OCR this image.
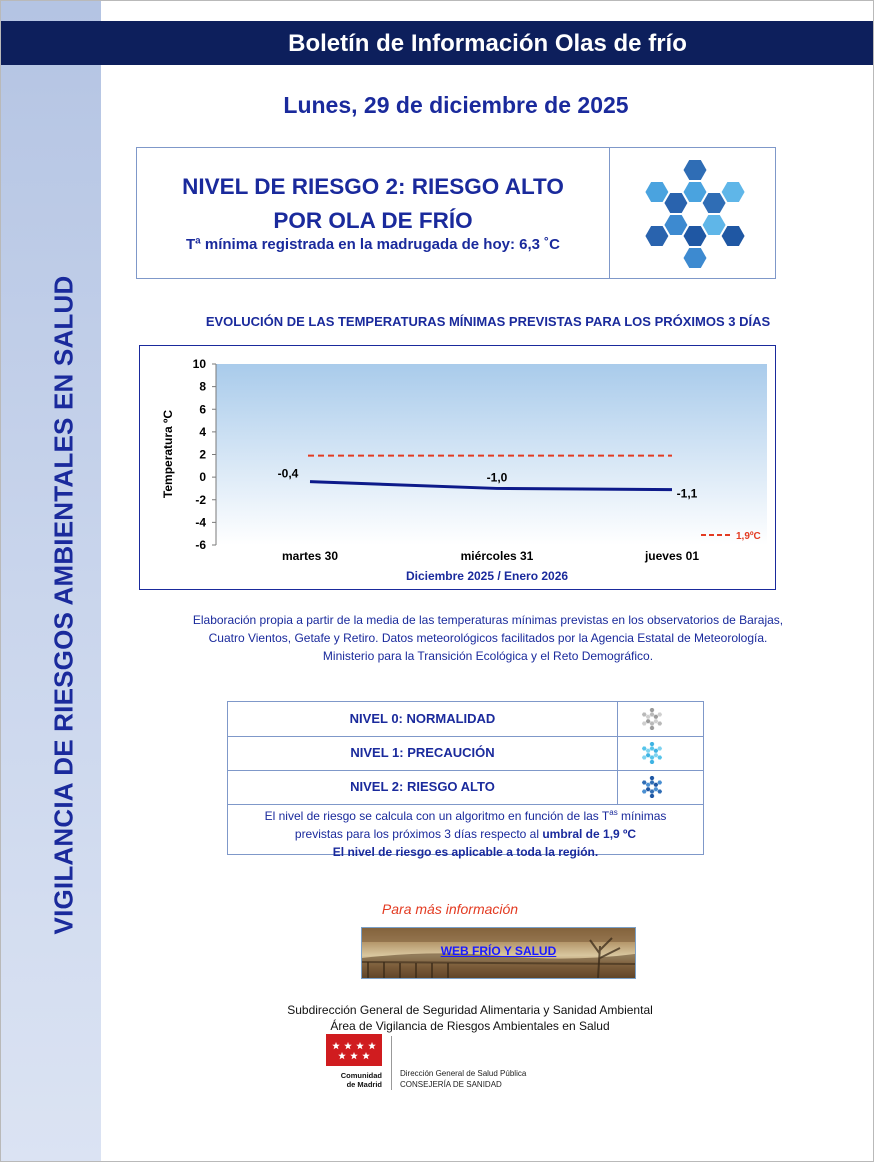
VIGILANCIA DE RIESGOS AMBIENTALES EN SALUD
Boletín de Información Olas de frío
Lunes, 29 de diciembre de 2025
NIVEL DE RIESGO 2: RIESGO ALTO
POR OLA DE FRÍO
Tª mínima registrada en la madrugada de hoy: 6,3 ˚C
EVOLUCIÓN DE LAS TEMPERATURAS MÍNIMAS PREVISTAS PARA LOS PRÓXIMOS 3 DÍAS
10
8
6
4
2
0
-2
-4
-6
martes 30	miércoles 31	jueves 01
-0,4	-1,0
-1,1
Temperatura ºC
Diciembre 2025 / Enero 2026
1,9ºC
Elaboración propia a partir de la media de las temperaturas mínimas previstas en los observatorios de Barajas,
Cuatro Vientos, Getafe y Retiro. Datos meteorológicos facilitados por la Agencia Estatal de Meteorología.
Ministerio para la Transición Ecológica y el Reto Demográfico.
NIVEL 0: NORMALIDAD
NIVEL 1: PRECAUCIÓN
NIVEL 2: RIESGO ALTO
El nivel de riesgo se calcula con un algoritmo en función de las $T^{as}$ mínimas
previstas para los próximos 3 días respecto al umbral de 1,9 ºC
El nivel de riesgo es aplicable a toda la región.
Para más información
WEB FRÍO Y SALUD
Subdirección General de Seguridad Alimentaria y Sanidad Ambiental
Área de Vigilancia de Riesgos Ambientales en Salud
Comunidad
de Madrid
Dirección General de Salud Pública
CONSEJERÍA DE SANIDAD
